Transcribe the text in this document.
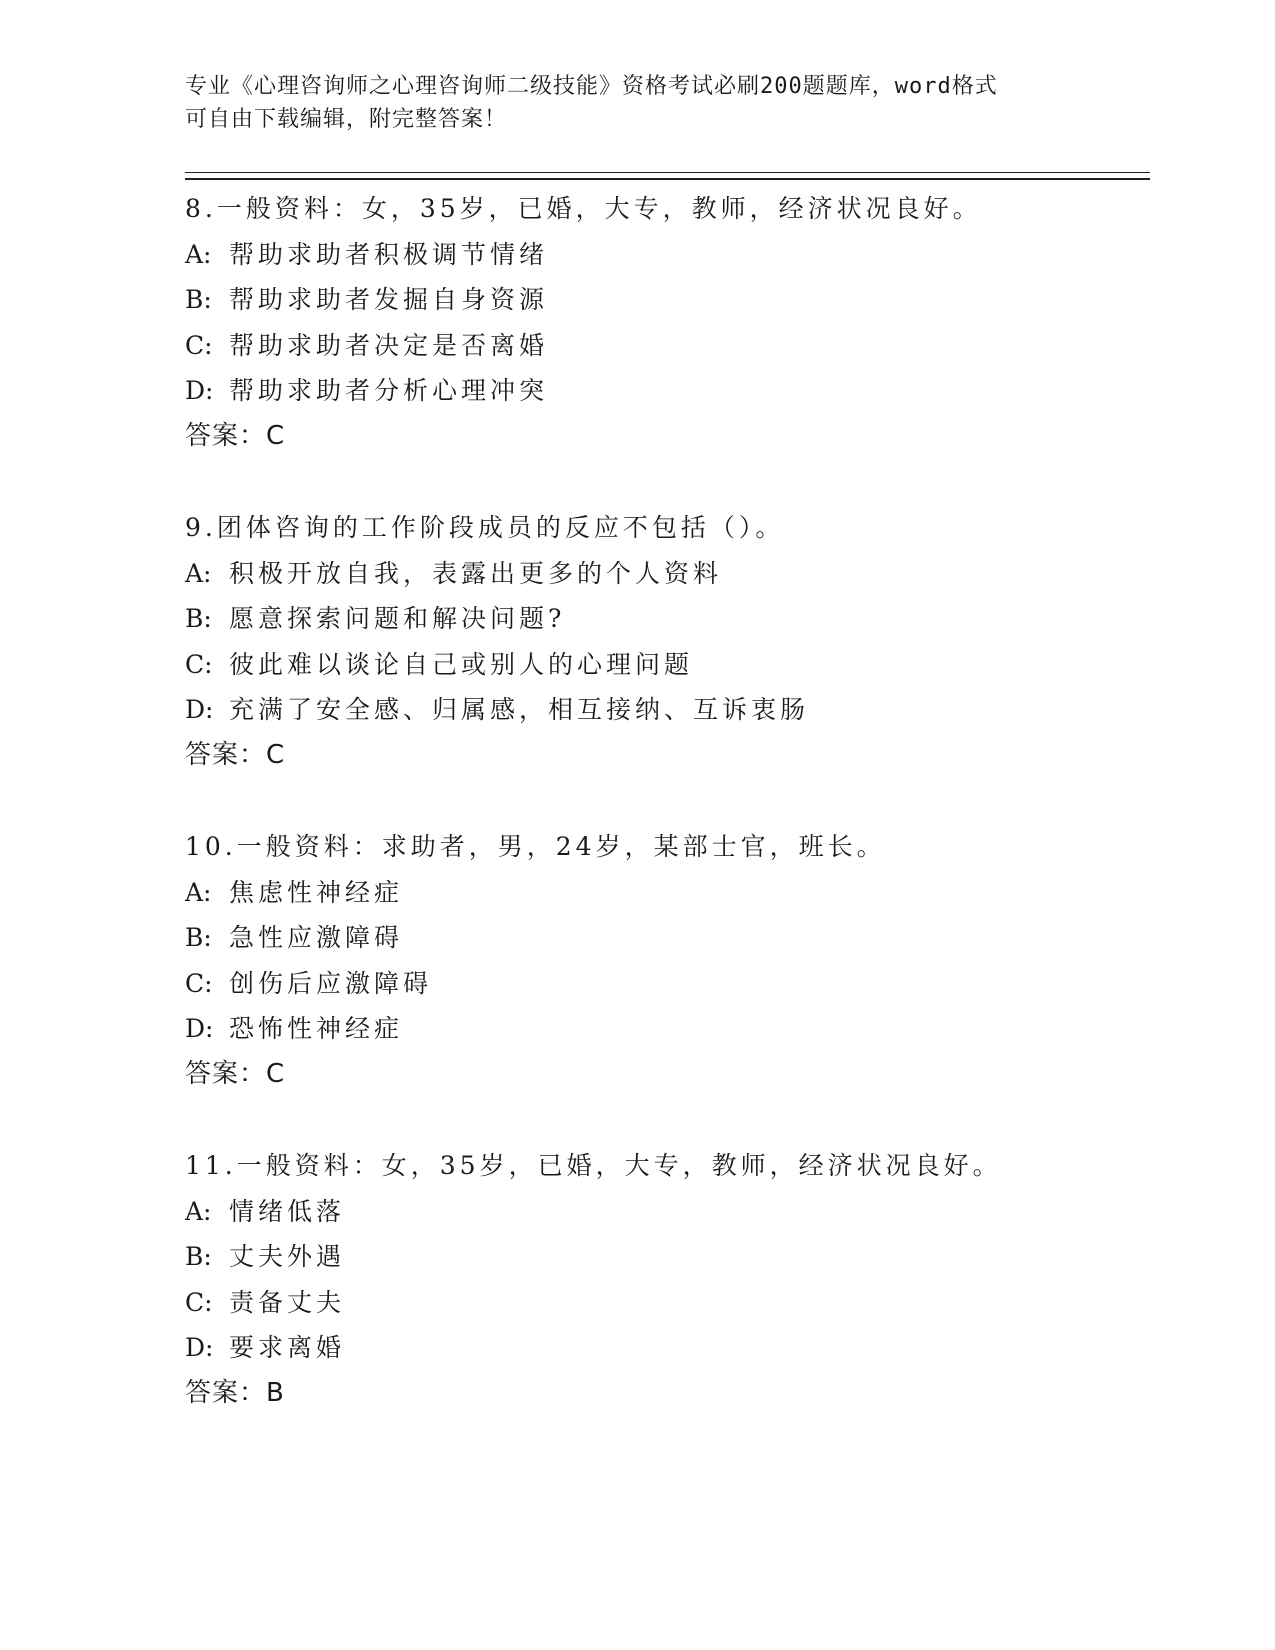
专业《心理咨询师之心理咨询师二级技能》资格考试必刷200题题库，word格式
可自由下载编辑，附完整答案！
8.一般资料：女，35岁，已婚，大专，教师，经济状况良好。
A: 帮助求助者积极调节情绪
B: 帮助求助者发掘自身资源
C: 帮助求助者决定是否离婚
D: 帮助求助者分析心理冲突
答案：C
9.团体咨询的工作阶段成员的反应不包括（）。
A: 积极开放自我，表露出更多的个人资料
B: 愿意探索问题和解决问题?
C: 彼此难以谈论自己或别人的心理问题
D: 充满了安全感、归属感，相互接纳、互诉衷肠
答案：C
10.一般资料：求助者，男，24岁，某部士官，班长。
A: 焦虑性神经症
B: 急性应激障碍
C: 创伤后应激障碍
D: 恐怖性神经症
答案：C
11.一般资料：女，35岁，已婚，大专，教师，经济状况良好。
A: 情绪低落
B: 丈夫外遇
C: 责备丈夫
D: 要求离婚
答案：B
